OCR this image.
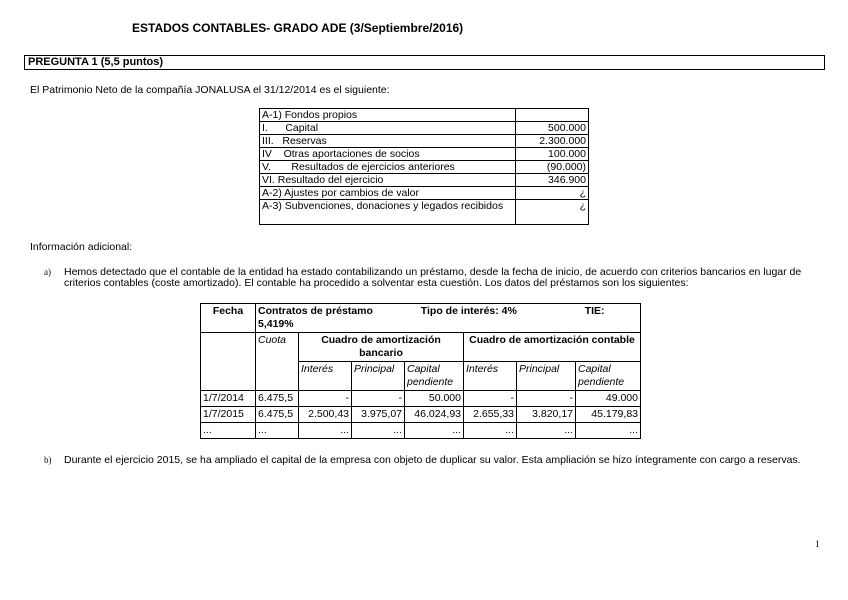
ESTADOS CONTABLES- GRADO ADE (3/Septiembre/2016)
PREGUNTA 1 (5,5 puntos)
El Patrimonio Neto de la compañía JONALUSA el 31/12/2014 es el siguiente:
A-1) Fondos propios	
I.      Capital	500.000
III.   Reservas	2.300.000
IV    Otras aportaciones de socios	100.000
V.       Resultados de ejercicios anteriores	(90.000)
VI. Resultado del ejercicio	346.900
A-2) Ajustes por cambios de valor	¿
A-3) Subvenciones, donaciones y legados recibidos	¿
Información adicional:
a) Hemos detectado que el contable de la entidad ha estado contabilizando un préstamo, desde la fecha de inicio, de acuerdo con criterios bancarios en lugar de criterios contables (coste amortizado). El contable ha procedido a solventar esta cuestión. Los datos del préstamos son los siguientes:
Fecha	Contratos de préstamo Tipo de interés: 4% TIE: 5,419%						
	Cuota	Cuadro de amortización bancario			Cuadro de amortización contable		
		Interés	Principal	Capital pendiente	Interés	Principal	Capital pendiente
1/7/2014	6.475,5	-	-	50.000	-	-	49.000
1/7/2015	6.475,5	2.500,43	3.975,07	46.024,93	2.655,33	3.820,17	45.179,83
...	...	...	...	...	...	...	...
b) Durante el ejercicio 2015, se ha ampliado el capital de la empresa con objeto de duplicar su valor. Esta ampliación se hizo íntegramente con cargo a reservas.
1
